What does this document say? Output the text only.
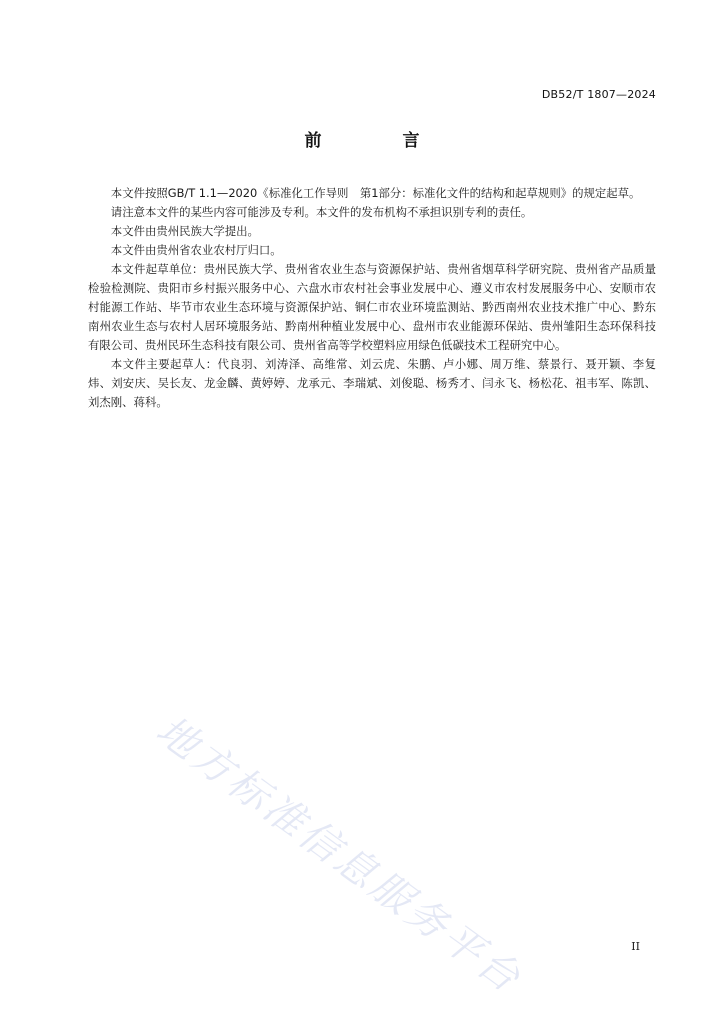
DB52/T 1807—2024
前　言

本文件按照GB/T 1.1—2020《标准化工作导则　第1部分：标准化文件的结构和起草规则》的规定起草。

请注意本文件的某些内容可能涉及专利。本文件的发布机构不承担识别专利的责任。

本文件由贵州民族大学提出。

本文件由贵州省农业农村厅归口。

本文件起草单位：贵州民族大学、贵州省农业生态与资源保护站、贵州省烟草科学研究院、贵州省产品质量检验检测院、贵阳市乡村振兴服务中心、六盘水市农村社会事业发展中心、遵义市农村发展服务中心、安顺市农村能源工作站、毕节市农业生态环境与资源保护站、铜仁市农业环境监测站、黔西南州农业技术推广中心、黔东南州农业生态与农村人居环境服务站、黔南州种植业发展中心、盘州市农业能源环保站、贵州雏阳生态环保科技有限公司、贵州民环生态科技有限公司、贵州省高等学校塑料应用绿色低碳技术工程研究中心。

本文件主要起草人：代良羽、刘涛泽、高维常、刘云虎、朱鹏、卢小娜、周万维、蔡景行、聂开颖、李复炜、刘安庆、吴长友、龙金麟、黄婷婷、龙承元、李瑞斌、刘俊聪、杨秀才、闫永飞、杨松花、祖韦军、陈凯、刘杰刚、蒋科。

地方标准信息服务平台	II
